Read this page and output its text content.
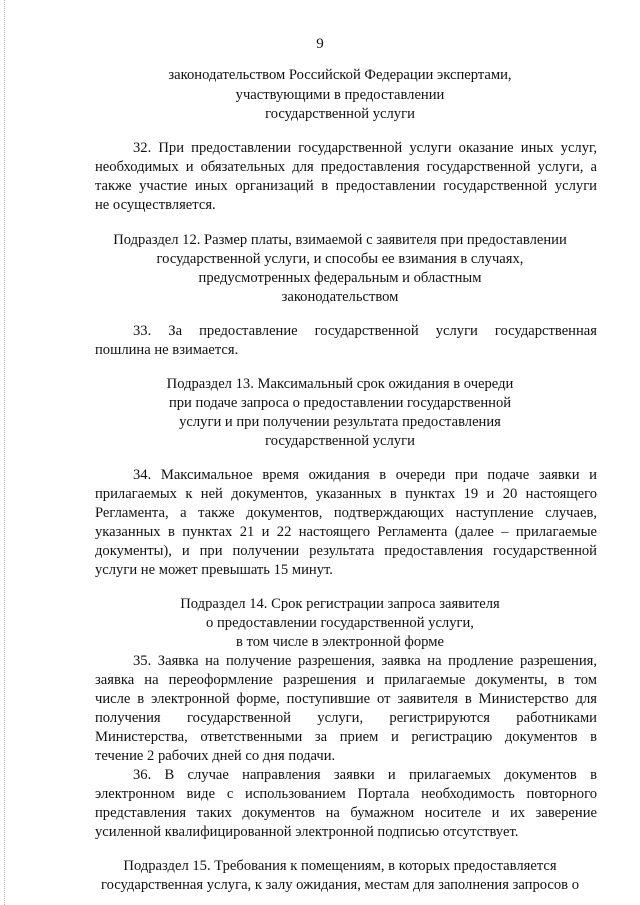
9
законодательством Российской Федерации экспертами,
участвующими в предоставлении
государственной услуги
32. При предоставлении государственной услуги оказание иных услуг,
необходимых и обязательных для предоставления государственной услуги, а
также участие иных организаций в предоставлении государственной услуги
не осуществляется.
Подраздел 12. Размер платы, взимаемой с заявителя при предоставлении
государственной услуги, и способы ее взимания в случаях,
предусмотренных федеральным и областным
законодательством
33. За предоставление государственной услуги государственная
пошлина не взимается.
Подраздел 13. Максимальный срок ожидания в очереди
при подаче запроса о предоставлении государственной
услуги и при получении результата предоставления
государственной услуги
34. Максимальное время ожидания в очереди при подаче заявки и
прилагаемых к ней документов, указанных в пунктах 19 и 20 настоящего
Регламента, а также документов, подтверждающих наступление случаев,
указанных в пунктах 21 и 22 настоящего Регламента (далее – прилагаемые
документы), и при получении результата предоставления государственной
услуги не может превышать 15 минут.
Подраздел 14. Срок регистрации запроса заявителя
о предоставлении государственной услуги,
в том числе в электронной форме
35. Заявка на получение разрешения, заявка на продление разрешения,
заявка на переоформление разрешения и прилагаемые документы, в том
числе в электронной форме, поступившие от заявителя в Министерство для
получения государственной услуги, регистрируются работниками
Министерства, ответственными за прием и регистрацию документов в
течение 2 рабочих дней со дня подачи.
36. В случае направления заявки и прилагаемых документов в
электронном виде с использованием Портала необходимость повторного
представления таких документов на бумажном носителе и их заверение
усиленной квалифицированной электронной подписью отсутствует.
Подраздел 15. Требования к помещениям, в которых предоставляется
государственная услуга, к залу ожидания, местам для заполнения запросов о
